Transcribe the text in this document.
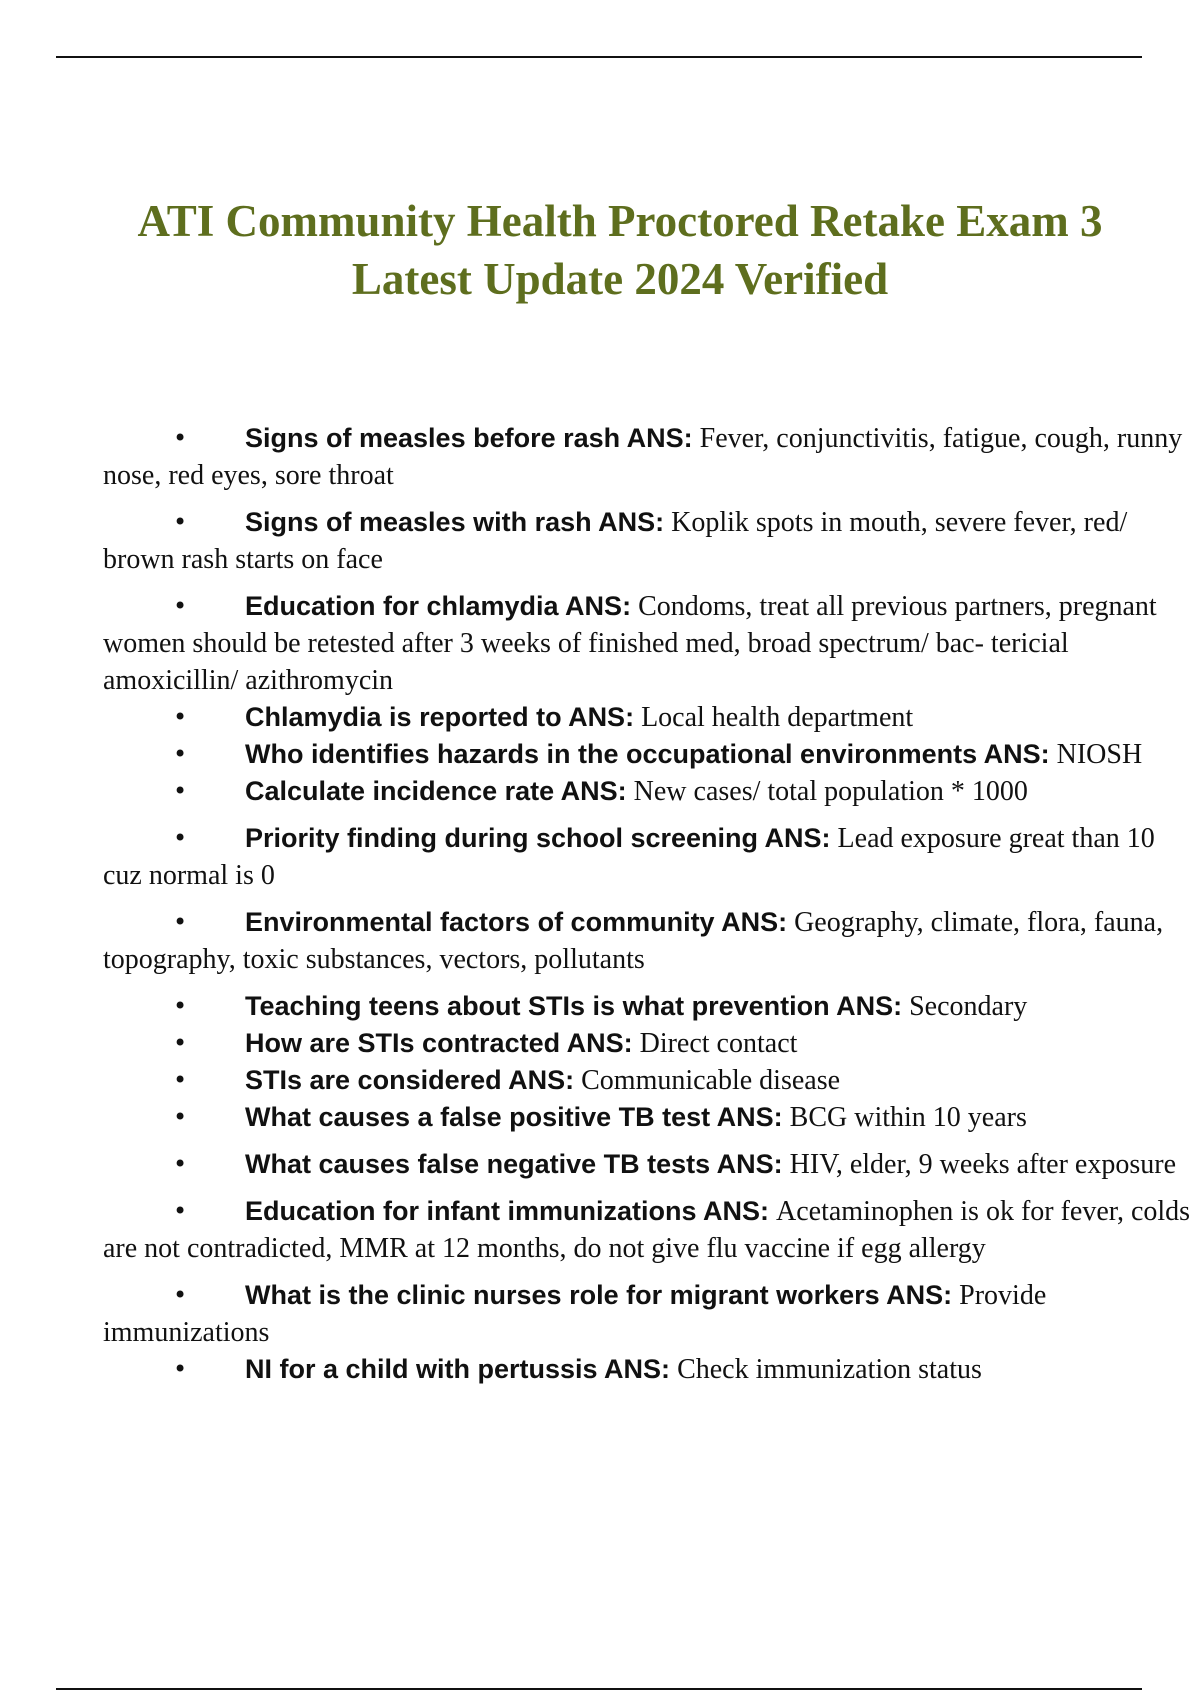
ATI Community Health Proctored Retake Exam 3
Latest Update 2024 Verified
• Signs of measles before rash ANS: Fever, conjunctivitis, fatigue, cough, runny nose, red eyes, sore throat
• Signs of measles with rash ANS: Koplik spots in mouth, severe fever, red/ brown rash starts on face
• Education for chlamydia ANS: Condoms, treat all previous partners, pregnant women should be retested after 3 weeks of finished med, broad spectrum/ bac- tericial amoxicillin/ azithromycin
• Chlamydia is reported to ANS: Local health department
• Who identifies hazards in the occupational environments ANS: NIOSH
• Calculate incidence rate ANS: New cases/ total population * 1000
• Priority finding during school screening ANS: Lead exposure great than 10 cuz normal is 0
• Environmental factors of community ANS: Geography, climate, flora, fauna, topography, toxic substances, vectors, pollutants
• Teaching teens about STIs is what prevention ANS: Secondary
• How are STIs contracted ANS: Direct contact
• STIs are considered ANS: Communicable disease
• What causes a false positive TB test ANS: BCG within 10 years
• What causes false negative TB tests ANS: HIV, elder, 9 weeks after exposure
• Education for infant immunizations ANS: Acetaminophen is ok for fever, colds are not contradicted, MMR at 12 months, do not give flu vaccine if egg allergy
• What is the clinic nurses role for migrant workers ANS: Provide immunizations
• NI for a child with pertussis ANS: Check immunization status
